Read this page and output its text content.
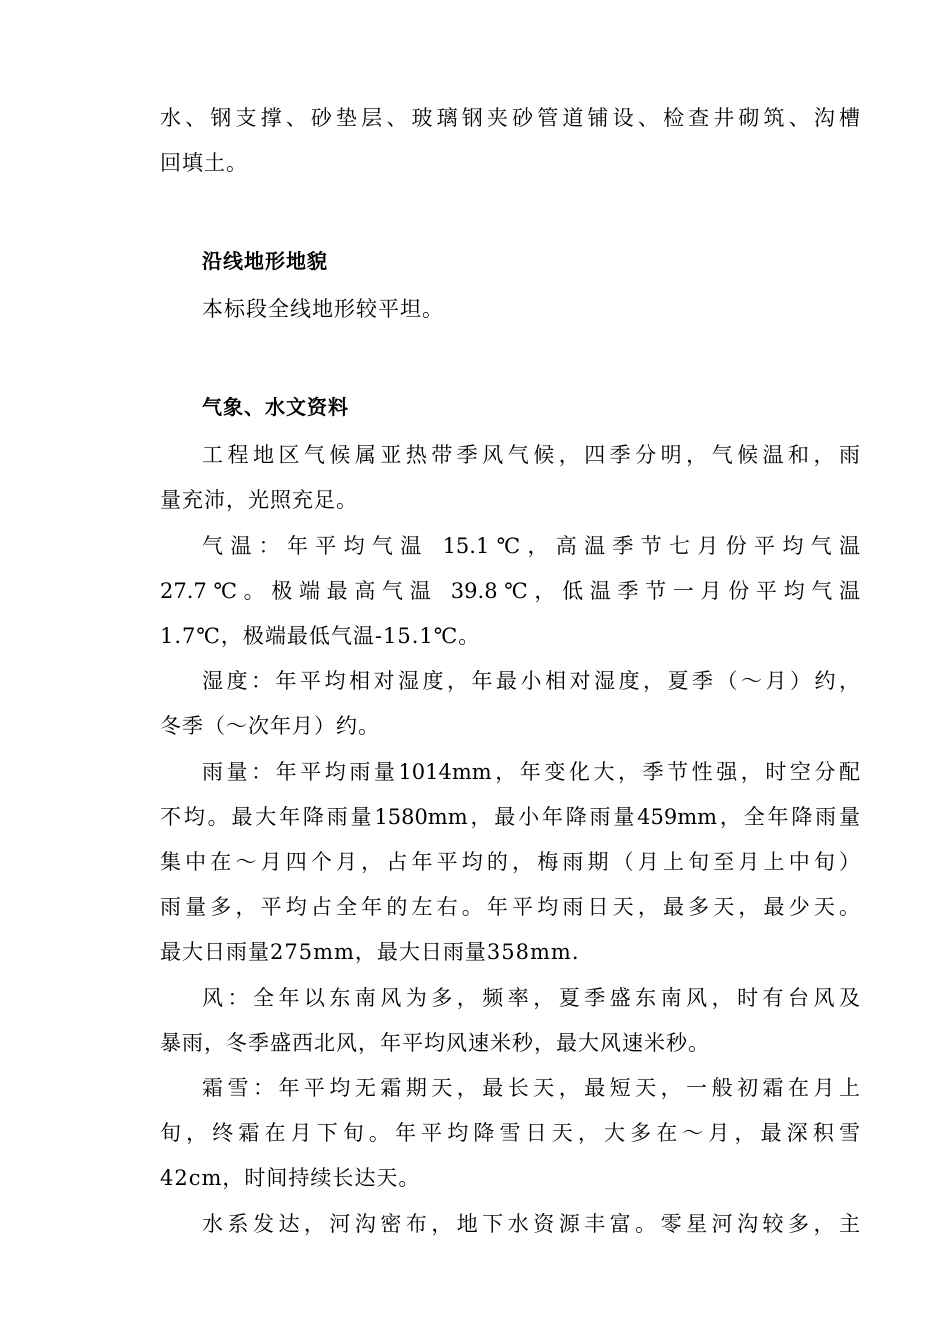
水、钢支撑、砂垫层、玻璃钢夹砂管道铺设、检查井砌筑、沟槽
回填土。
沿线地形地貌
本标段全线地形较平坦。
气象、水文资料
工程地区气候属亚热带季风气候，四季分明，气候温和，雨
量充沛，光照充足。
气温：年平均气温 15.1℃，高温季节七月份平均气温
27.7℃。极端最高气温 39.8℃，低温季节一月份平均气温
1.7℃，极端最低气温-15.1℃。
湿度：年平均相对湿度，年最小相对湿度，夏季（～月）约，
冬季（～次年月）约。
雨量：年平均雨量1014mm，年变化大，季节性强，时空分配
不均。最大年降雨量1580mm，最小年降雨量459mm，全年降雨量
集中在～月四个月，占年平均的，梅雨期（月上旬至月上中旬）
雨量多，平均占全年的左右。年平均雨日天，最多天，最少天。
最大日雨量275mm，最大日雨量358mm.
风：全年以东南风为多，频率，夏季盛东南风，时有台风及
暴雨，冬季盛西北风，年平均风速米秒，最大风速米秒。
霜雪：年平均无霜期天，最长天，最短天，一般初霜在月上
旬，终霜在月下旬。年平均降雪日天，大多在～月，最深积雪
42cm，时间持续长达天。
水系发达，河沟密布，地下水资源丰富。零星河沟较多，主
